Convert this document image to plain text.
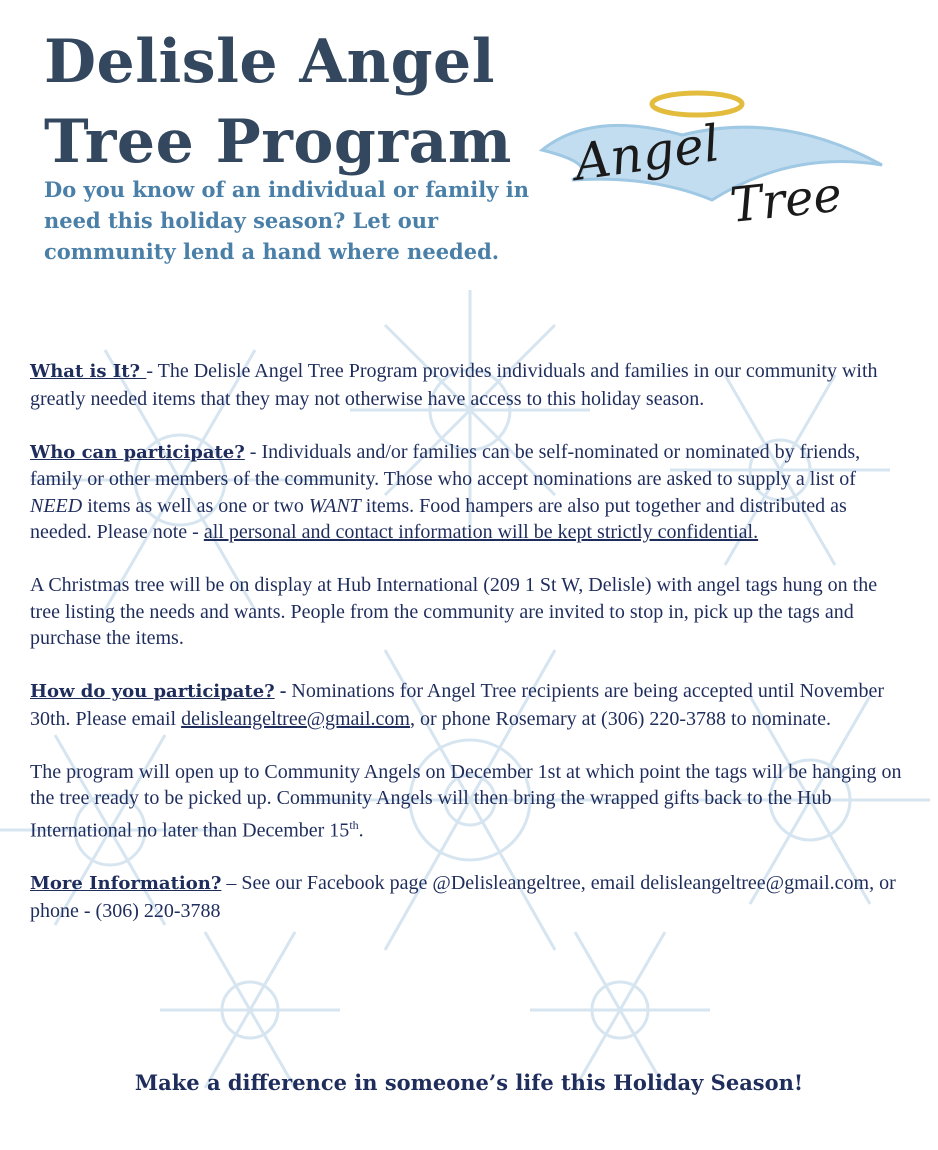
Delisle Angel
Tree Program

Do you know of an individual or family in need this holiday season? Let our community lend a hand where needed.

Angel
Tree

What is It? - The Delisle Angel Tree Program provides individuals and families in our community with greatly needed items that they may not otherwise have access to this holiday season.

Who can participate? - Individuals and/or families can be self-nominated or nominated by friends, family or other members of the community. Those who accept nominations are asked to supply a list of NEED items as well as one or two WANT items. Food hampers are also put together and distributed as needed. Please note - all personal and contact information will be kept strictly confidential.

A Christmas tree will be on display at Hub International (209 1 St W, Delisle) with angel tags hung on the tree listing the needs and wants. People from the community are invited to stop in, pick up the tags and purchase the items.

How do you participate? - Nominations for Angel Tree recipients are being accepted until November 30th. Please email delisleangeltree@gmail.com, or phone Rosemary at (306) 220-3788 to nominate.

The program will open up to Community Angels on December 1st at which point the tags will be hanging on the tree ready to be picked up. Community Angels will then bring the wrapped gifts back to the Hub International no later than December 15th.

More Information? – See our Facebook page @Delisleangeltree, email delisleangeltree@gmail.com, or phone - (306) 220-3788

Make a difference in someone’s life this Holiday Season!
